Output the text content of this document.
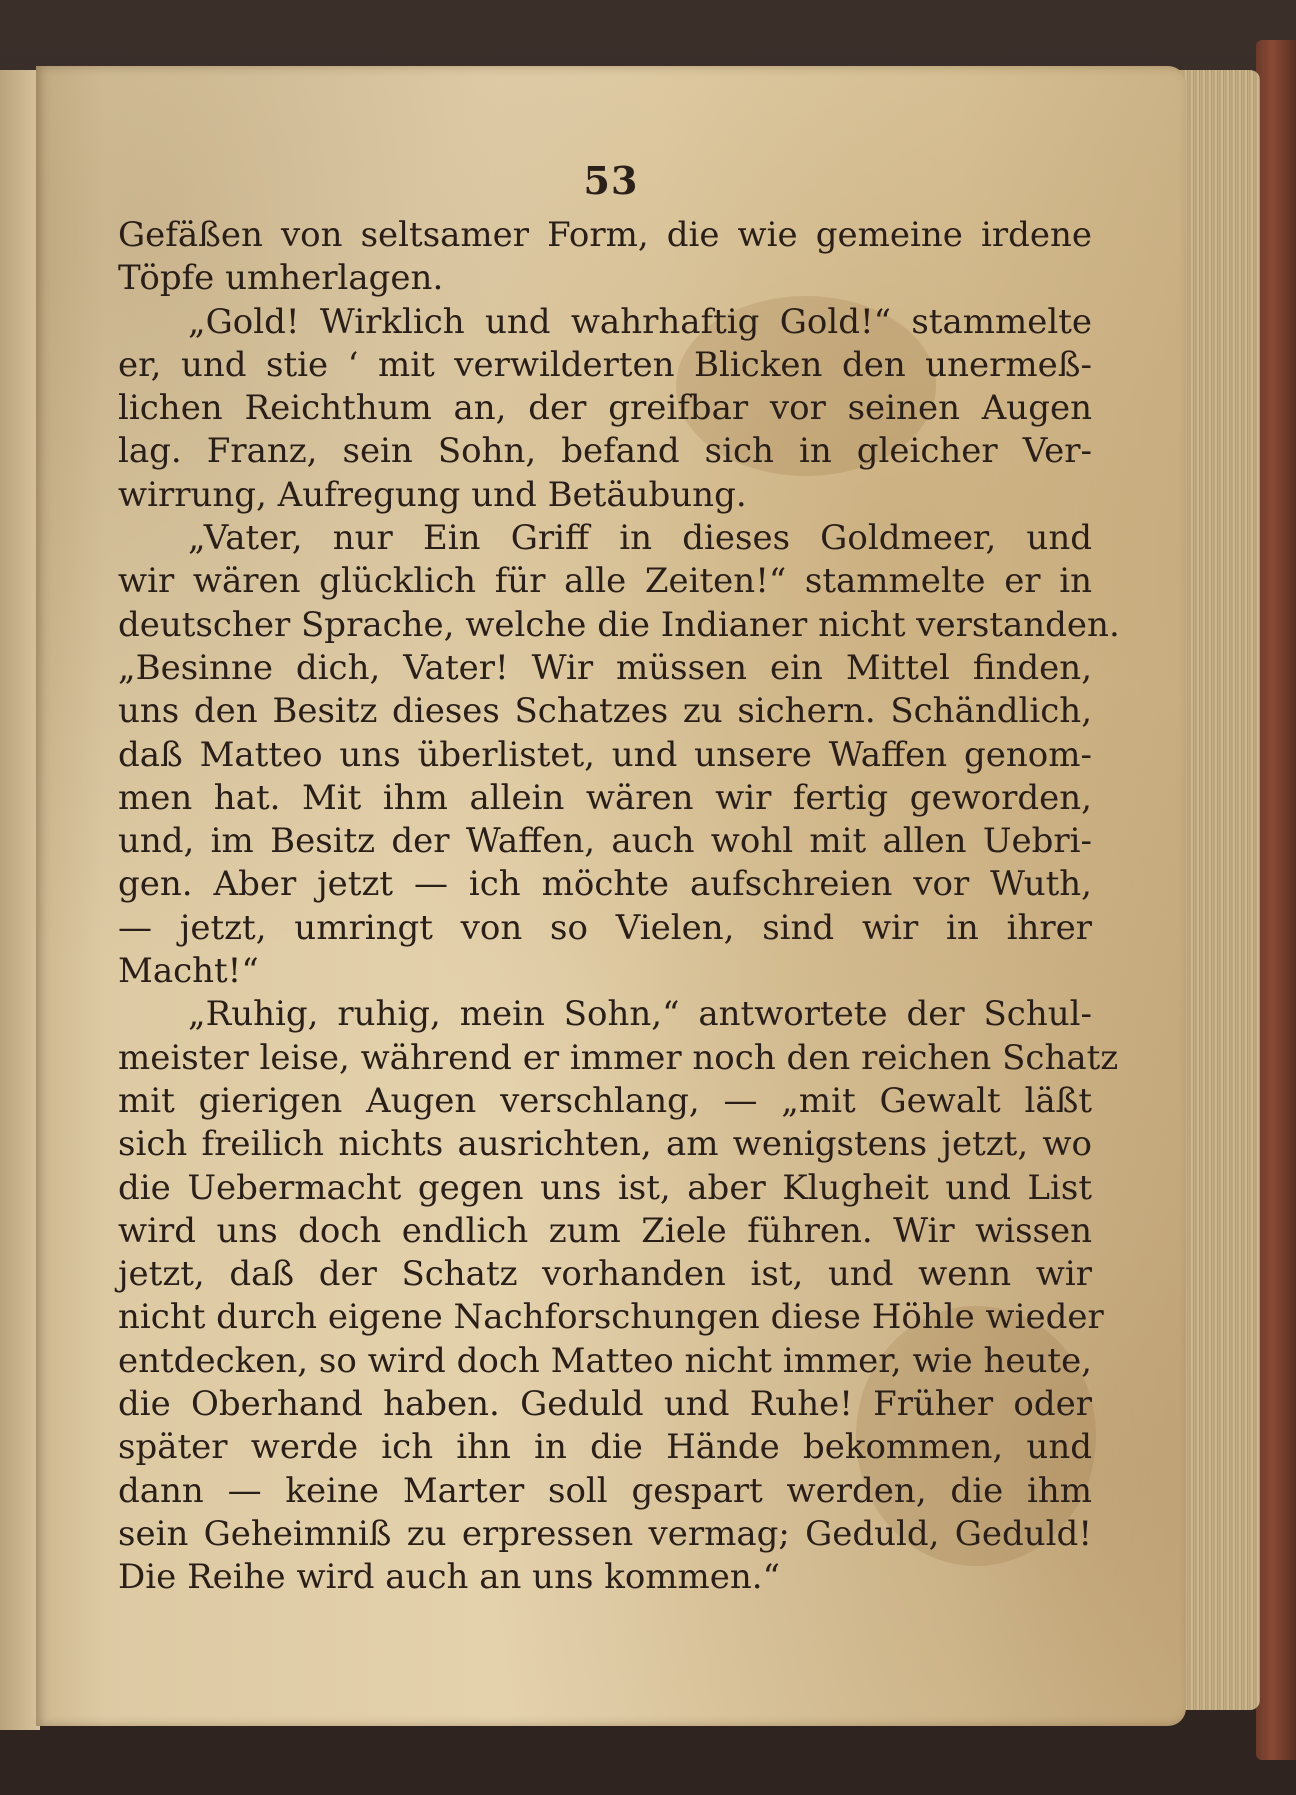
53
Gefäßen von seltsamer Form, die wie gemeine irdene
Töpfe umherlagen.
„Gold! Wirklich und wahrhaftig Gold!“ stammelte
er, und stie ‘ mit verwilderten Blicken den unermeß-
lichen Reichthum an, der greifbar vor seinen Augen
lag. Franz, sein Sohn, befand sich in gleicher Ver-
wirrung, Aufregung und Betäubung.
„Vater, nur Ein Griff in dieses Goldmeer, und
wir wären glücklich für alle Zeiten!“ stammelte er in
deutscher Sprache, welche die Indianer nicht verstanden.
„Besinne dich, Vater! Wir müssen ein Mittel finden,
uns den Besitz dieses Schatzes zu sichern. Schändlich,
daß Matteo uns überlistet, und unsere Waffen genom-
men hat. Mit ihm allein wären wir fertig geworden,
und, im Besitz der Waffen, auch wohl mit allen Uebri-
gen. Aber jetzt — ich möchte aufschreien vor Wuth,
— jetzt, umringt von so Vielen, sind wir in ihrer
Macht!“
„Ruhig, ruhig, mein Sohn,“ antwortete der Schul-
meister leise, während er immer noch den reichen Schatz
mit gierigen Augen verschlang, — „mit Gewalt läßt
sich freilich nichts ausrichten, am wenigstens jetzt, wo
die Uebermacht gegen uns ist, aber Klugheit und List
wird uns doch endlich zum Ziele führen. Wir wissen
jetzt, daß der Schatz vorhanden ist, und wenn wir
nicht durch eigene Nachforschungen diese Höhle wieder
entdecken, so wird doch Matteo nicht immer, wie heute,
die Oberhand haben. Geduld und Ruhe! Früher oder
später werde ich ihn in die Hände bekommen, und
dann — keine Marter soll gespart werden, die ihm
sein Geheimniß zu erpressen vermag; Geduld, Geduld!
Die Reihe wird auch an uns kommen.“
